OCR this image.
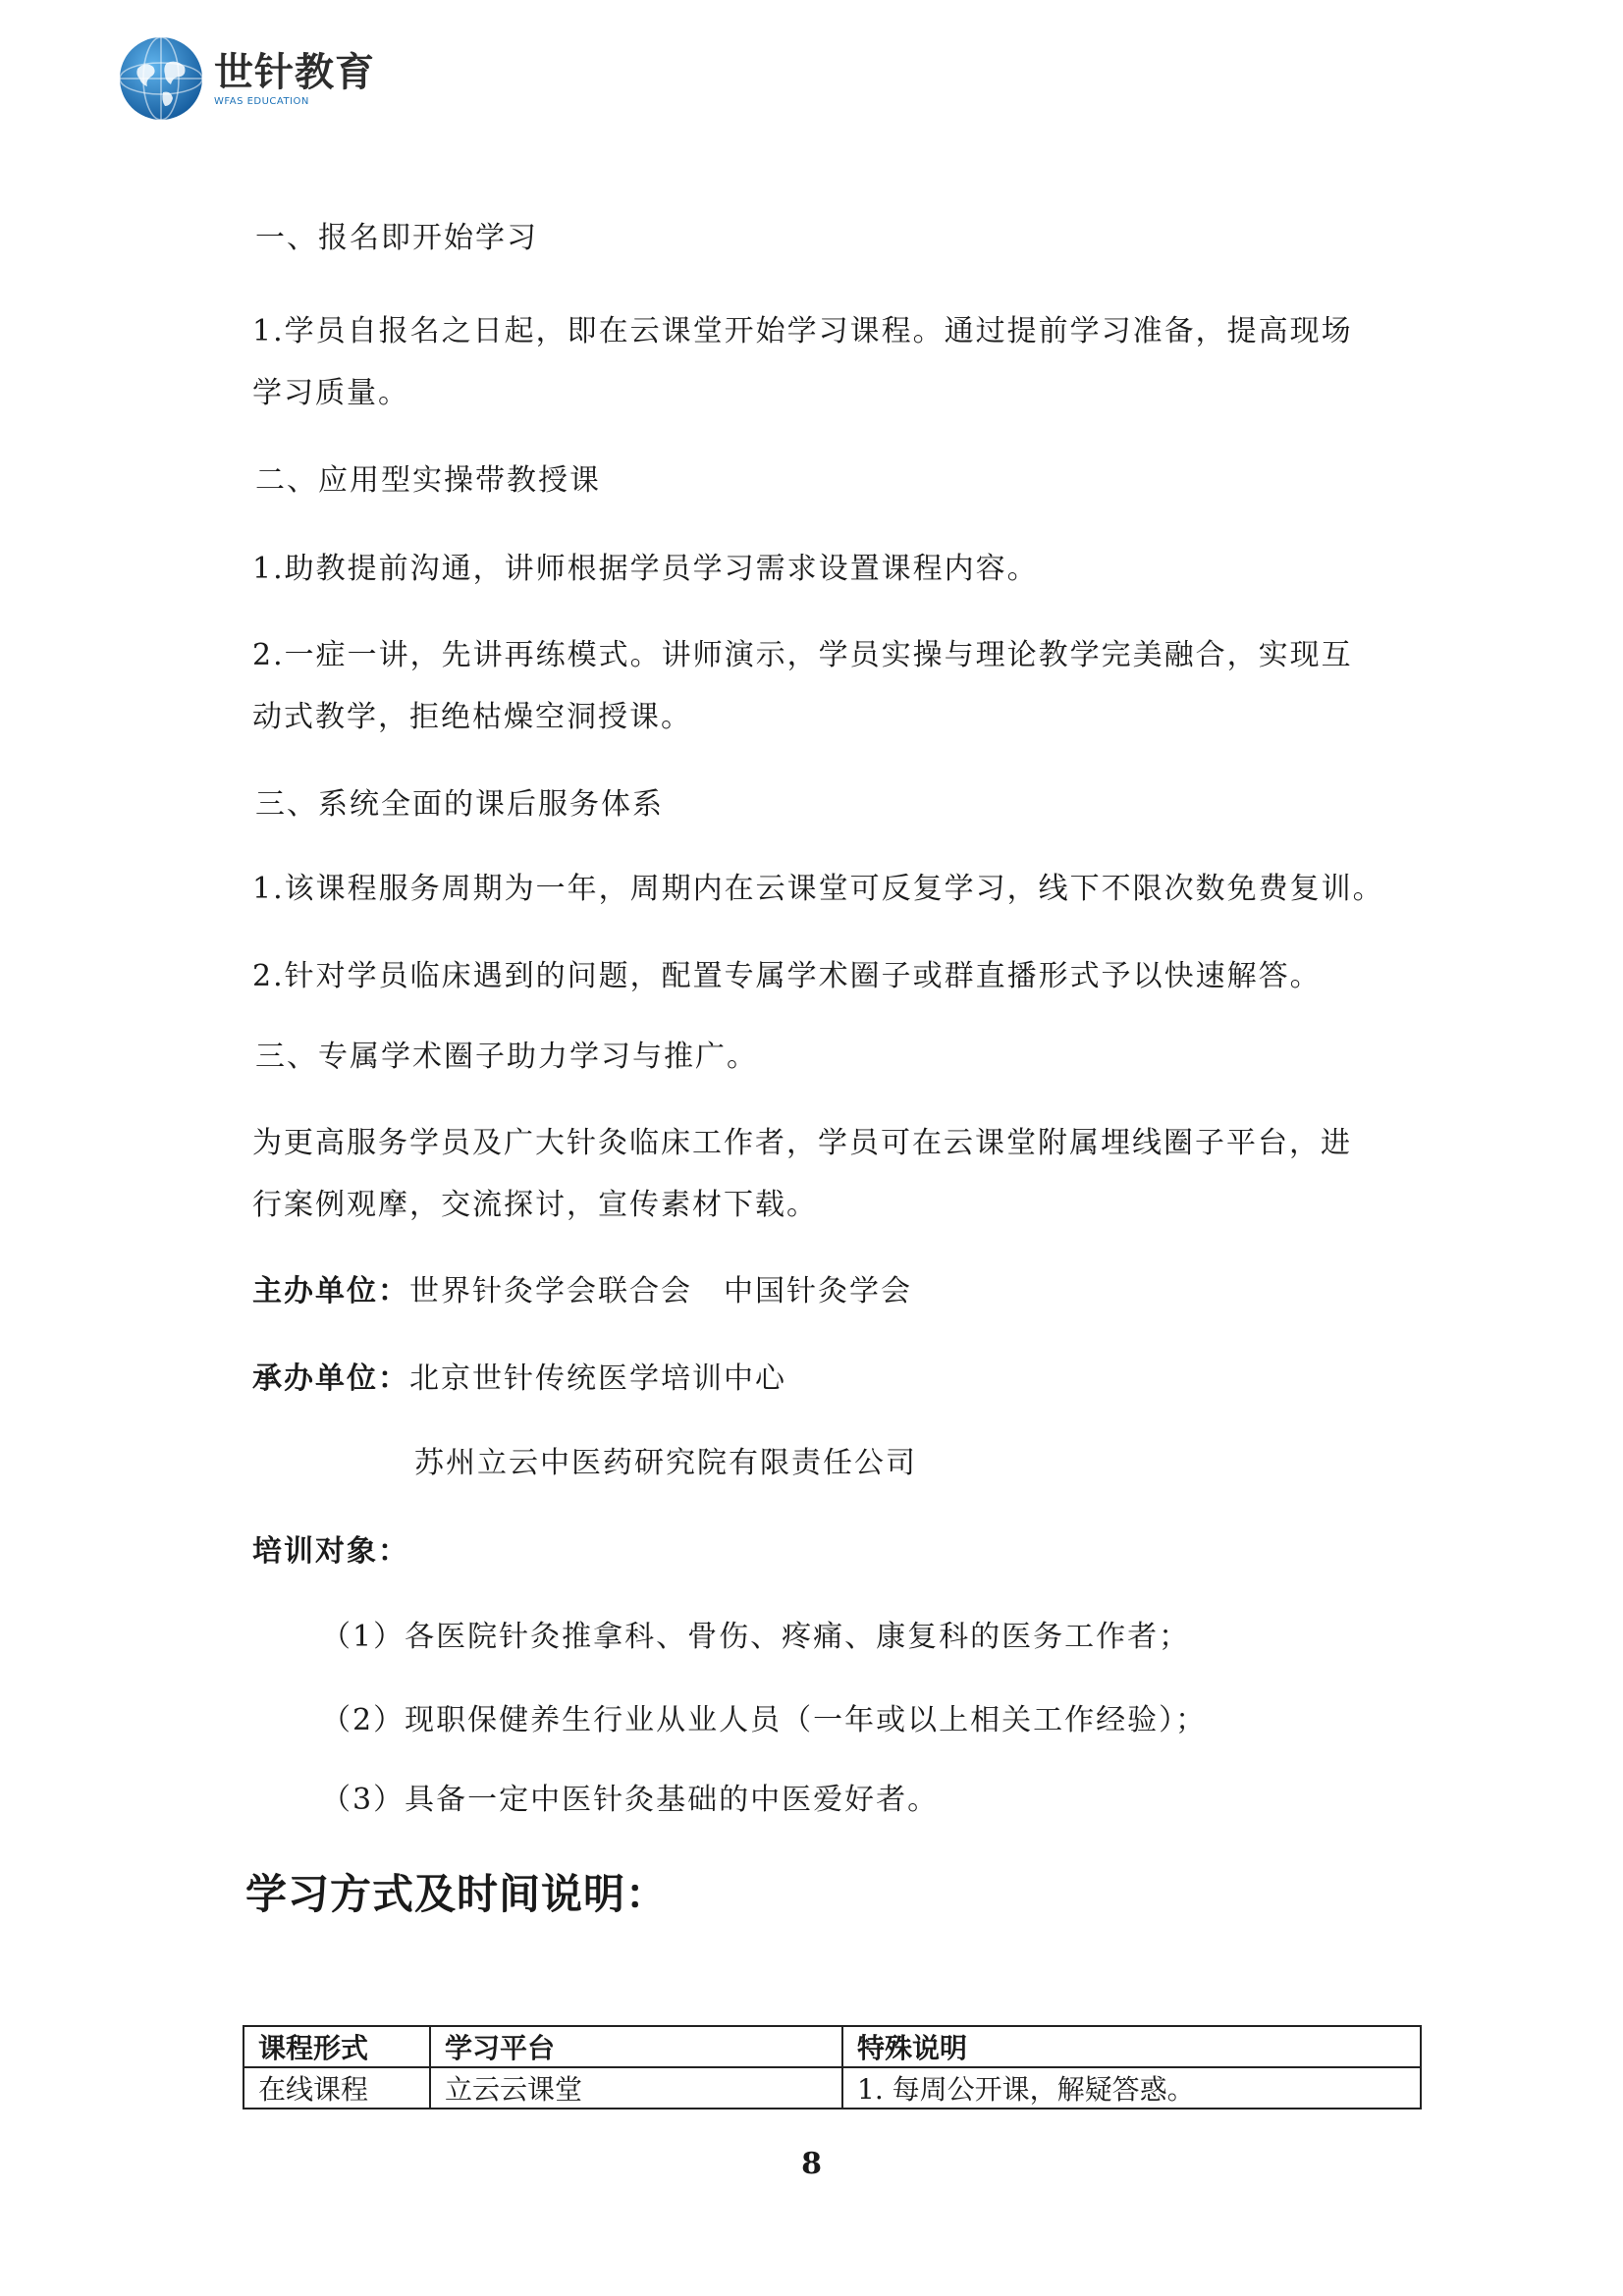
世针教育
WFAS EDUCATION
一、报名即开始学习
1.学员自报名之日起，即在云课堂开始学习课程。通过提前学习准备，提高现场
学习质量。
二、应用型实操带教授课
1.助教提前沟通，讲师根据学员学习需求设置课程内容。
2.一症一讲，先讲再练模式。讲师演示，学员实操与理论教学完美融合，实现互
动式教学，拒绝枯燥空洞授课。
三、系统全面的课后服务体系
1.该课程服务周期为一年，周期内在云课堂可反复学习，线下不限次数免费复训。
2.针对学员临床遇到的问题，配置专属学术圈子或群直播形式予以快速解答。
三、专属学术圈子助力学习与推广。
为更高服务学员及广大针灸临床工作者，学员可在云课堂附属埋线圈子平台，进
行案例观摩，交流探讨，宣传素材下载。
主办单位：世界针灸学会联合会　中国针灸学会
承办单位：北京世针传统医学培训中心
苏州立云中医药研究院有限责任公司
培训对象：
（1）各医院针灸推拿科、骨伤、疼痛、康复科的医务工作者；
（2）现职保健养生行业从业人员（一年或以上相关工作经验）；
（3）具备一定中医针灸基础的中医爱好者。
学习方式及时间说明：
课程形式	学习平台	特殊说明
在线课程	立云云课堂	1. 每周公开课，解疑答惑。
8
